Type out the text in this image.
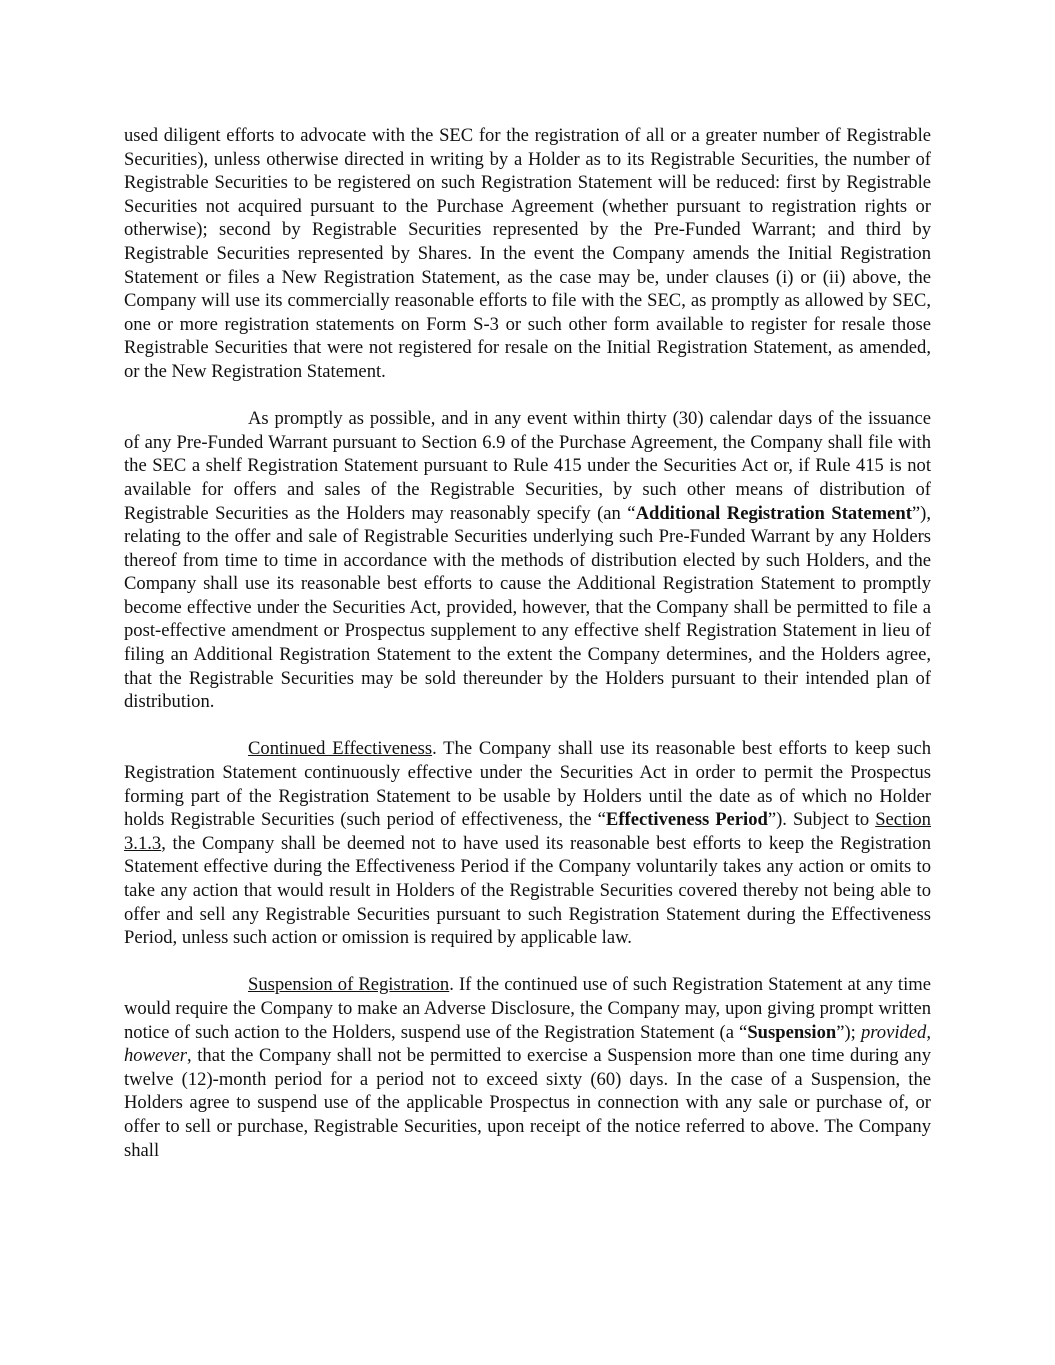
used diligent efforts to advocate with the SEC for the registration of all or a greater number of Registrable Securities), unless otherwise directed in writing by a Holder as to its Registrable Securities, the number of Registrable Securities to be registered on such Registration Statement will be reduced: first by Registrable Securities not acquired pursuant to the Purchase Agreement (whether pursuant to registration rights or otherwise); second by Registrable Securities represented by the Pre-Funded Warrant; and third by Registrable Securities represented by Shares. In the event the Company amends the Initial Registration Statement or files a New Registration Statement, as the case may be, under clauses (i) or (ii) above, the Company will use its commercially reasonable efforts to file with the SEC, as promptly as allowed by SEC, one or more registration statements on Form S-3 or such other form available to register for resale those Registrable Securities that were not registered for resale on the Initial Registration Statement, as amended, or the New Registration Statement.

As promptly as possible, and in any event within thirty (30) calendar days of the issuance of any Pre-Funded Warrant pursuant to Section 6.9 of the Purchase Agreement, the Company shall file with the SEC a shelf Registration Statement pursuant to Rule 415 under the Securities Act or, if Rule 415 is not available for offers and sales of the Registrable Securities, by such other means of distribution of Registrable Securities as the Holders may reasonably specify (an “Additional Registration Statement”), relating to the offer and sale of Registrable Securities underlying such Pre-Funded Warrant by any Holders thereof from time to time in accordance with the methods of distribution elected by such Holders, and the Company shall use its reasonable best efforts to cause the Additional Registration Statement to promptly become effective under the Securities Act, provided, however, that the Company shall be permitted to file a post-effective amendment or Prospectus supplement to any effective shelf Registration Statement in lieu of filing an Additional Registration Statement to the extent the Company determines, and the Holders agree, that the Registrable Securities may be sold thereunder by the Holders pursuant to their intended plan of distribution.

Continued Effectiveness. The Company shall use its reasonable best efforts to keep such Registration Statement continuously effective under the Securities Act in order to permit the Prospectus forming part of the Registration Statement to be usable by Holders until the date as of which no Holder holds Registrable Securities (such period of effectiveness, the “Effectiveness Period”). Subject to Section 3.1.3, the Company shall be deemed not to have used its reasonable best efforts to keep the Registration Statement effective during the Effectiveness Period if the Company voluntarily takes any action or omits to take any action that would result in Holders of the Registrable Securities covered thereby not being able to offer and sell any Registrable Securities pursuant to such Registration Statement during the Effectiveness Period, unless such action or omission is required by applicable law.

Suspension of Registration. If the continued use of such Registration Statement at any time would require the Company to make an Adverse Disclosure, the Company may, upon giving prompt written notice of such action to the Holders, suspend use of the Registration Statement (a “Suspension”); provided, however, that the Company shall not be permitted to exercise a Suspension more than one time during any twelve (12)-month period for a period not to exceed sixty (60) days. In the case of a Suspension, the Holders agree to suspend use of the applicable Prospectus in connection with any sale or purchase of, or offer to sell or purchase, Registrable Securities, upon receipt of the notice referred to above. The Company shall
